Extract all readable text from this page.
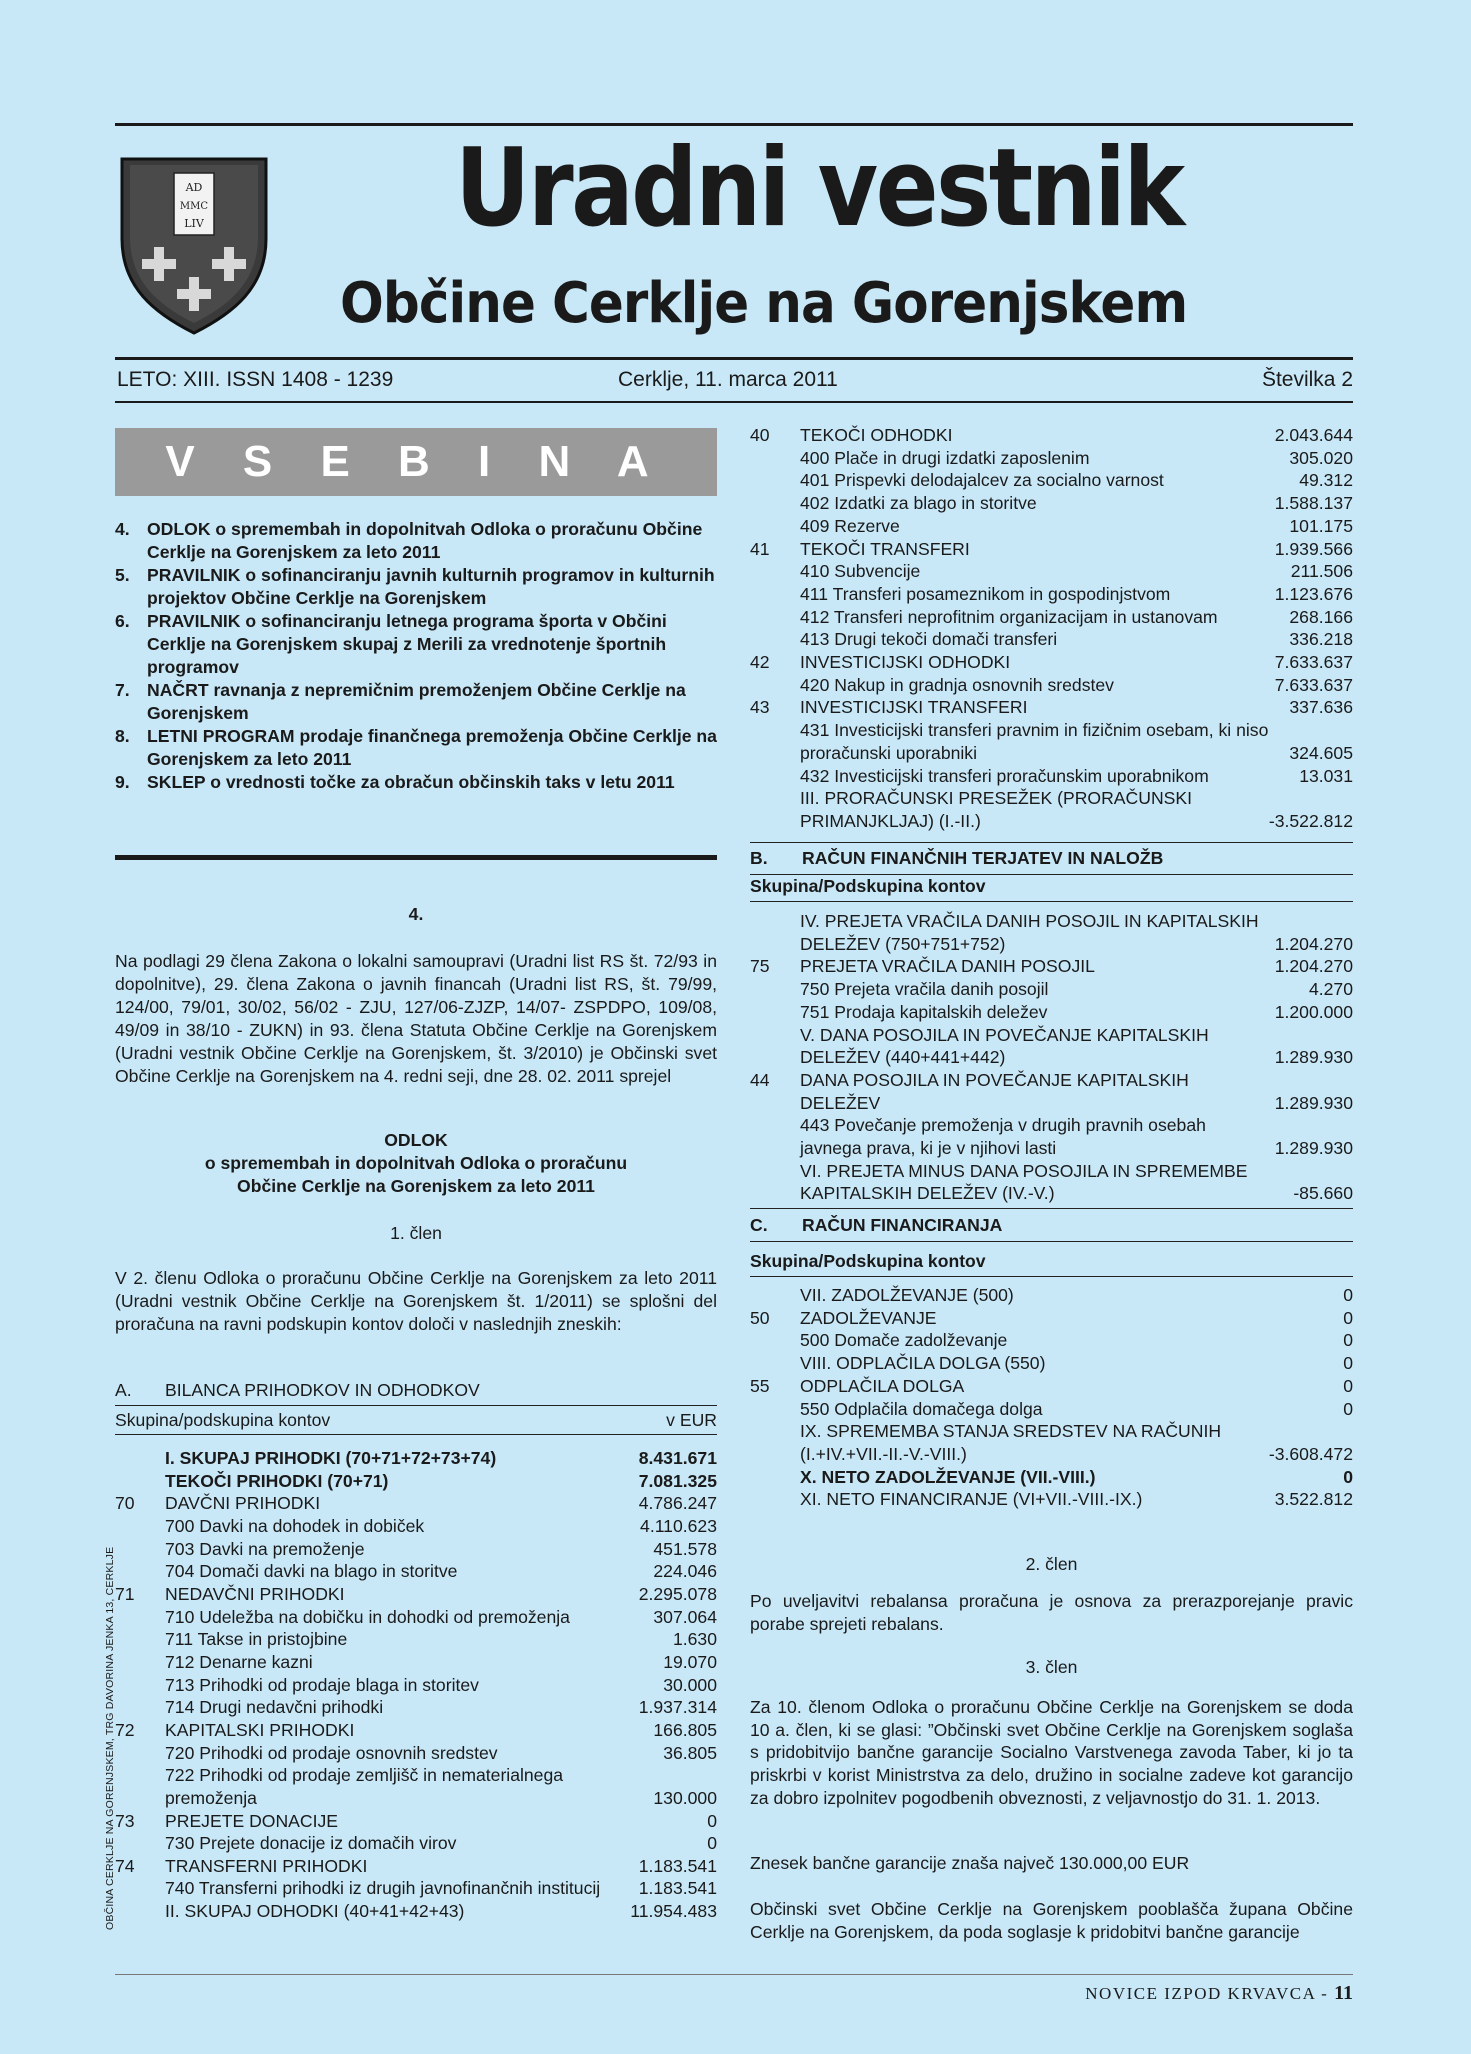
AD
MMC
LIV Uradni vestnik
Občine Cerklje na Gorenjskem
LETO: XIII. ISSN 1408 - 1239	Cerklje, 11. marca 2011	Številka 2
V S E B I N A
4. ODLOK o spremembah in dopolnitvah Odloka o proračunu Občine Cerklje na Gorenjskem za leto 2011
5. PRAVILNIK o sofinanciranju javnih kulturnih programov in kulturnih projektov Občine Cerklje na Gorenjskem
6. PRAVILNIK o sofinanciranju letnega programa športa v Občini Cerklje na Gorenjskem skupaj z Merili za vrednotenje športnih programov
7. NAČRT ravnanja z nepremičnim premoženjem Občine Cerklje na Gorenjskem
8. LETNI PROGRAM prodaje finančnega premoženja Občine Cerklje na Gorenjskem za leto 2011
9. SKLEP o vrednosti točke za obračun občinskih taks v letu 2011
4.

Na podlagi 29 člena Zakona o lokalni samoupravi (Uradni list RS št. 72/93 in dopolnitve), 29. člena Zakona o javnih financah (Uradni list RS, št. 79/99, 124/00, 79/01, 30/02, 56/02 - ZJU, 127/06-ZJZP, 14/07- ZSPDPO, 109/08, 49/09 in 38/10 - ZUKN) in 93. člena Statuta Občine Cerklje na Gorenjskem (Uradni vestnik Občine Cerklje na Gorenjskem, št. 3/2010) je Občinski svet Občine Cerklje na Gorenjskem na 4. redni seji, dne 28. 02. 2011 sprejel

ODLOK
o spremembah in dopolnitvah Odloka o proračunu
Občine Cerklje na Gorenjskem za leto 2011
1. člen

V 2. členu Odloka o proračunu Občine Cerklje na Gorenjskem za leto 2011 (Uradni vestnik Občine Cerklje na Gorenjskem št. 1/2011) se splošni del proračuna na ravni podskupin kontov določi v naslednjih zneskih:

A.	BILANCA PRIHODKOV IN ODHODKOV
Skupina/podskupina kontov	v EUR
I. SKUPAJ PRIHODKI (70+71+72+73+74)	8.431.671
TEKOČI PRIHODKI (70+71)	7.081.325
70	DAVČNI PRIHODKI	4.786.247
700 Davki na dohodek in dobiček	4.110.623
703 Davki na premoženje	451.578
704 Domači davki na blago in storitve	224.046
71	NEDAVČNI PRIHODKI	2.295.078
710 Udeležba na dobičku in dohodki od premoženja	307.064
711 Takse in pristojbine	1.630
712 Denarne kazni	19.070
713 Prihodki od prodaje blaga in storitev	30.000
714 Drugi nedavčni prihodki	1.937.314
72	KAPITALSKI PRIHODKI	166.805
720 Prihodki od prodaje osnovnih sredstev	36.805
722 Prihodki od prodaje zemljišč in nematerialnega premoženja	130.000
73	PREJETE DONACIJE	0
730 Prejete donacije iz domačih virov	0
74	TRANSFERNI PRIHODKI	1.183.541
740 Transferni prihodki iz drugih javnofinančnih institucij	1.183.541
II. SKUPAJ ODHODKI (40+41+42+43)	11.954.483
40	TEKOČI ODHODKI	2.043.644
400 Plače in drugi izdatki zaposlenim	305.020
401 Prispevki delodajalcev za socialno varnost	49.312
402 Izdatki za blago in storitve	1.588.137
409 Rezerve	101.175
41	TEKOČI TRANSFERI	1.939.566
410 Subvencije	211.506
411 Transferi posameznikom in gospodinjstvom	1.123.676
412 Transferi neprofitnim organizacijam in ustanovam	268.166
413 Drugi tekoči domači transferi	336.218
42	INVESTICIJSKI ODHODKI	7.633.637
420 Nakup in gradnja osnovnih sredstev	7.633.637
43	INVESTICIJSKI TRANSFERI	337.636
431 Investicijski transferi pravnim in fizičnim osebam, ki niso proračunski uporabniki	324.605
432 Investicijski transferi proračunskim uporabnikom	13.031
III. PRORAČUNSKI PRESEŽEK (PRORAČUNSKI PRIMANJKLJAJ) (I.-II.)	-3.522.812
B.	RAČUN FINANČNIH TERJATEV IN NALOŽB
Skupina/Podskupina kontov
IV. PREJETA VRAČILA DANIH POSOJIL IN KAPITALSKIH DELEŽEV (750+751+752)	1.204.270
75	PREJETA VRAČILA DANIH POSOJIL	1.204.270
750 Prejeta vračila danih posojil	4.270
751 Prodaja kapitalskih deležev	1.200.000
V. DANA POSOJILA IN POVEČANJE KAPITALSKIH DELEŽEV (440+441+442)	1.289.930
44	DANA POSOJILA IN POVEČANJE KAPITALSKIH DELEŽEV	1.289.930
443 Povečanje premoženja v drugih pravnih osebah javnega prava, ki je v njihovi lasti	1.289.930
VI. PREJETA MINUS DANA POSOJILA IN SPREMEMBE KAPITALSKIH DELEŽEV (IV.-V.)	-85.660
C.	RAČUN FINANCIRANJA
Skupina/Podskupina kontov
VII. ZADOLŽEVANJE (500)	0
50	ZADOLŽEVANJE	0
500 Domače zadolževanje	0
VIII. ODPLAČILA DOLGA (550)	0
55	ODPLAČILA DOLGA	0
550 Odplačila domačega dolga	0
IX. SPREMEMBA STANJA SREDSTEV NA RAČUNIH (I.+IV.+VII.-II.-V.-VIII.)	-3.608.472
X. NETO ZADOLŽEVANJE (VII.-VIII.)	0
XI. NETO FINANCIRANJE (VI+VII.-VIII.-IX.)	3.522.812
2. člen

Po uveljavitvi rebalansa proračuna je osnova za prerazporejanje pravic porabe sprejeti rebalans.

3. člen

Za 10. členom Odloka o proračunu Občine Cerklje na Gorenjskem se doda 10 a. člen, ki se glasi: ”Občinski svet Občine Cerklje na Gorenjskem soglaša s pridobitvijo bančne garancije Socialno Varstvenega zavoda Taber, ki jo ta priskrbi v korist Ministrstva za delo, družino in socialne zadeve kot garancijo za dobro izpolnitev pogodbenih obveznosti, z veljavnostjo do 31. 1. 2013.

Znesek bančne garancije znaša največ 130.000,00 EUR

Občinski svet Občine Cerklje na Gorenjskem pooblašča župana Občine Cerklje na Gorenjskem, da poda soglasje k pridobitvi bančne garancije

OBČINA CERKLJE NA GORENJSKEM, TRG DAVORINA JENKA 13, CERKLJE
NOVICE IZPOD KRVAVCA - 11
